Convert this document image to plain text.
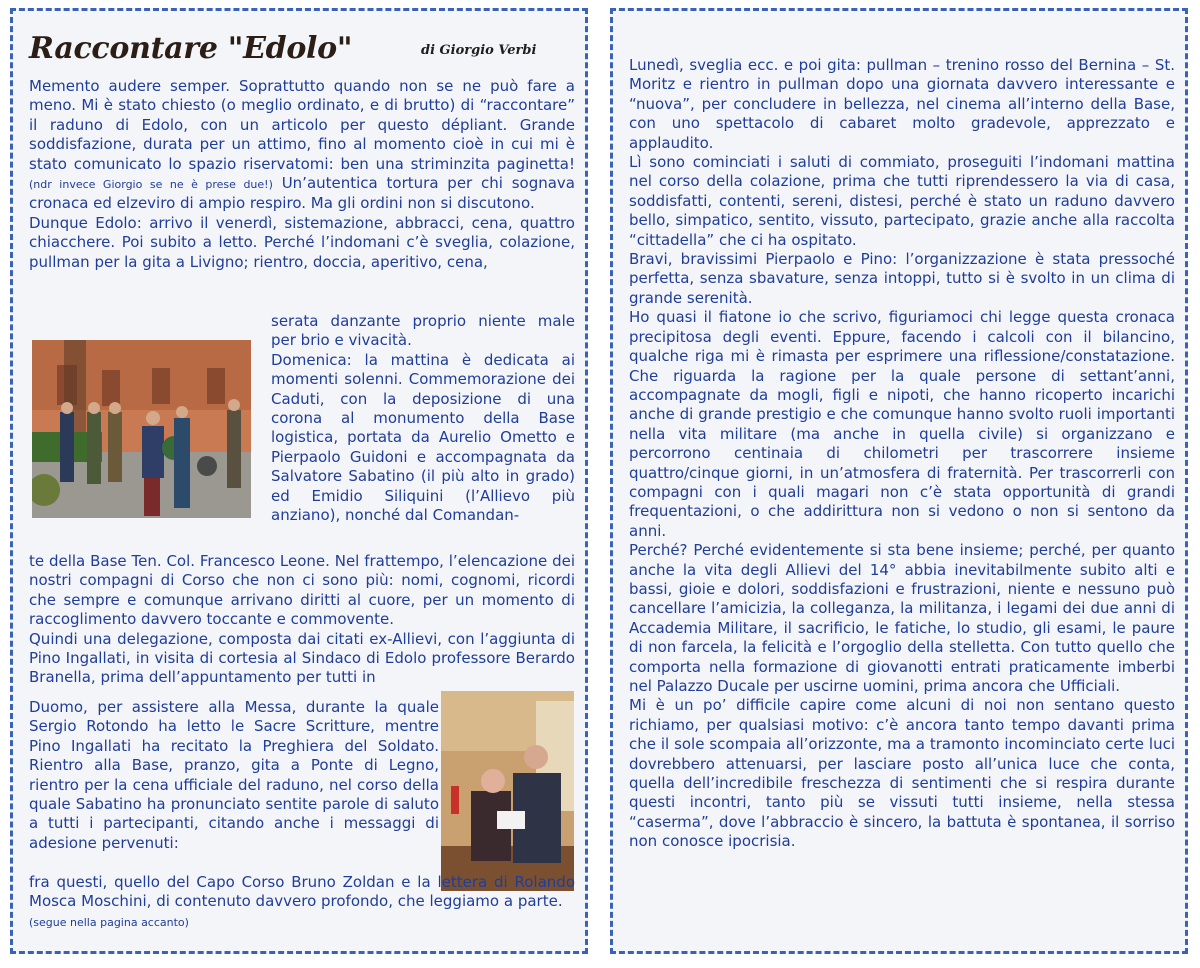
Raccontare "Edolo"	di Giorgio Verbi
Memento audere semper. Soprattutto quando non se ne può fare a meno. Mi è stato chiesto (o meglio ordinato, e di brutto) di “raccontare” il raduno di Edolo, con un articolo per questo dépliant. Grande soddisfazione, durata per un attimo, fino al momento cioè in cui mi è stato comunicato lo spazio riservatomi: ben una striminzita paginetta! (ndr invece Giorgio se ne è prese due!) Un’autentica tortura per chi sognava cronaca ed elzeviro di ampio respiro. Ma gli ordini non si discutono.
Dunque Edolo: arrivo il venerdì, sistemazione, abbracci, cena, quattro chiacchere. Poi subito a letto. Perché l’indomani c’è sveglia, colazione, pullman per la gita a Livigno; rientro, doccia, aperitivo, cena,
serata danzante proprio niente male per brio e vivacità.
Domenica: la mattina è dedicata ai momenti solenni. Commemorazione dei Caduti, con la deposizione di una corona al monumento della Base logistica, portata da Aurelio Ometto e Pierpaolo Guidoni e accompagnata da Salvatore Sabatino (il più alto in grado) ed Emidio Siliquini (l’Allievo più anziano), nonché dal Comandan-
te della Base Ten. Col. Francesco Leone. Nel frattempo, l’elencazione dei nostri compagni di Corso che non ci sono più: nomi, cognomi, ricordi che sempre e comunque arrivano diritti al cuore, per un momento di raccoglimento davvero toccante e commovente.
Quindi una delegazione, composta dai citati ex-Allievi, con l’aggiunta di Pino Ingallati, in visita di cortesia al Sindaco di Edolo professore Berardo Branella, prima dell’appuntamento per tutti in
Duomo, per assistere alla Messa, durante la quale Sergio Rotondo ha letto le Sacre Scritture, mentre Pino Ingallati ha recitato la Preghiera del Soldato. Rientro alla Base, pranzo, gita a Ponte di Legno, rientro per la cena ufficiale del raduno, nel corso della quale Sabatino ha pronunciato sentite parole di saluto a tutti i partecipanti, citando anche i messaggi di adesione pervenuti:
fra questi, quello del Capo Corso Bruno Zoldan e la lettera di Rolando Mosca Moschini, di contenuto davvero profondo, che leggiamo a parte.
(segue nella pagina accanto)

Lunedì, sveglia ecc. e poi gita: pullman – trenino rosso del Bernina – St. Moritz e rientro in pullman dopo una giornata davvero interessante e “nuova”, per concludere in bellezza, nel cinema all’interno della Base, con uno spettacolo di cabaret molto gradevole, apprezzato e applaudito.

Lì sono cominciati i saluti di commiato, proseguiti l’indomani mattina nel corso della colazione, prima che tutti riprendessero la via di casa, soddisfatti, contenti, sereni, distesi, perché è stato un raduno davvero bello, simpatico, sentito, vissuto, partecipato, grazie anche alla raccolta “cittadella” che ci ha ospitato.

Bravi, bravissimi Pierpaolo e Pino: l’organizzazione è stata pressoché perfetta, senza sbavature, senza intoppi, tutto si è svolto in un clima di grande serenità.

Ho quasi il fiatone io che scrivo, figuriamoci chi legge questa cronaca precipitosa degli eventi. Eppure, facendo i calcoli con il bilancino, qualche riga mi è rimasta per esprimere una riflessione/constatazione. Che riguarda la ragione per la quale persone di settant’anni, accompagnate da mogli, figli e nipoti, che hanno ricoperto incarichi anche di grande prestigio e che comunque hanno svolto ruoli importanti nella vita militare (ma anche in quella civile) si organizzano e percorrono centinaia di chilometri per trascorrere insieme quattro/cinque giorni, in un’atmosfera di fraternità. Per trascorrerli con compagni con i quali magari non c’è stata opportunità di grandi frequentazioni, o che addirittura non si vedono o non si sentono da anni.

Perché? Perché evidentemente si sta bene insieme; perché, per quanto anche la vita degli Allievi del 14° abbia inevitabilmente subito alti e bassi, gioie e dolori, soddisfazioni e frustrazioni, niente e nessuno può cancellare l’amicizia, la colleganza, la militanza, i legami dei due anni di Accademia Militare, il sacrificio, le fatiche, lo studio, gli esami, le paure di non farcela, la felicità e l’orgoglio della stelletta. Con tutto quello che comporta nella formazione di giovanotti entrati praticamente imberbi nel Palazzo Ducale per uscirne uomini, prima ancora che Ufficiali.

Mi è un po’ difficile capire come alcuni di noi non sentano questo richiamo, per qualsiasi motivo: c’è ancora tanto tempo davanti prima che il sole scompaia all’orizzonte, ma a tramonto incominciato certe luci dovrebbero attenuarsi, per lasciare posto all’unica luce che conta, quella dell’incredibile freschezza di sentimenti che si respira durante questi incontri, tanto più se vissuti tutti insieme, nella stessa “caserma”, dove l’abbraccio è sincero, la battuta è spontanea, il sorriso non conosce ipocrisia.
